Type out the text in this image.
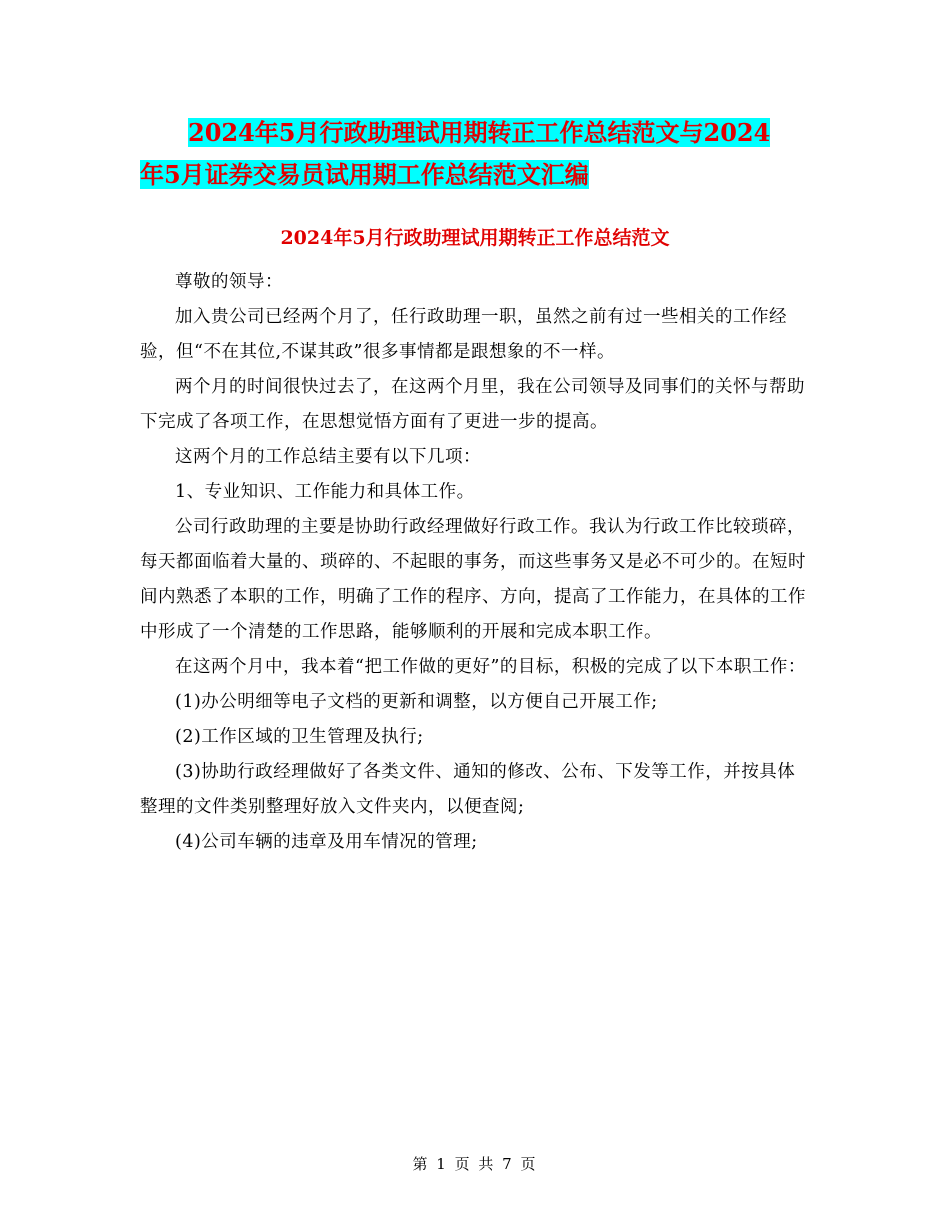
2024年5月行政助理试用期转正工作总结范文与2024
年5月证券交易员试用期工作总结范文汇编
2024年5月行政助理试用期转正工作总结范文

尊敬的领导：

加入贵公司已经两个月了，任行政助理一职，虽然之前有过一些相关的工作经验，但“不在其位,不谋其政”很多事情都是跟想象的不一样。

两个月的时间很快过去了，在这两个月里，我在公司领导及同事们的关怀与帮助下完成了各项工作，在思想觉悟方面有了更进一步的提高。

这两个月的工作总结主要有以下几项：

1、专业知识、工作能力和具体工作。

公司行政助理的主要是协助行政经理做好行政工作。我认为行政工作比较琐碎，每天都面临着大量的、琐碎的、不起眼的事务，而这些事务又是必不可少的。在短时间内熟悉了本职的工作，明确了工作的程序、方向，提高了工作能力，在具体的工作中形成了一个清楚的工作思路，能够顺利的开展和完成本职工作。

在这两个月中，我本着“把工作做的更好”的目标，积极的完成了以下本职工作：

(1)办公明细等电子文档的更新和调整，以方便自己开展工作;

(2)工作区域的卫生管理及执行;

(3)协助行政经理做好了各类文件、通知的修改、公布、下发等工作，并按具体整理的文件类别整理好放入文件夹内，以便查阅;

(4)公司车辆的违章及用车情况的管理;

第 1 页 共 7 页
